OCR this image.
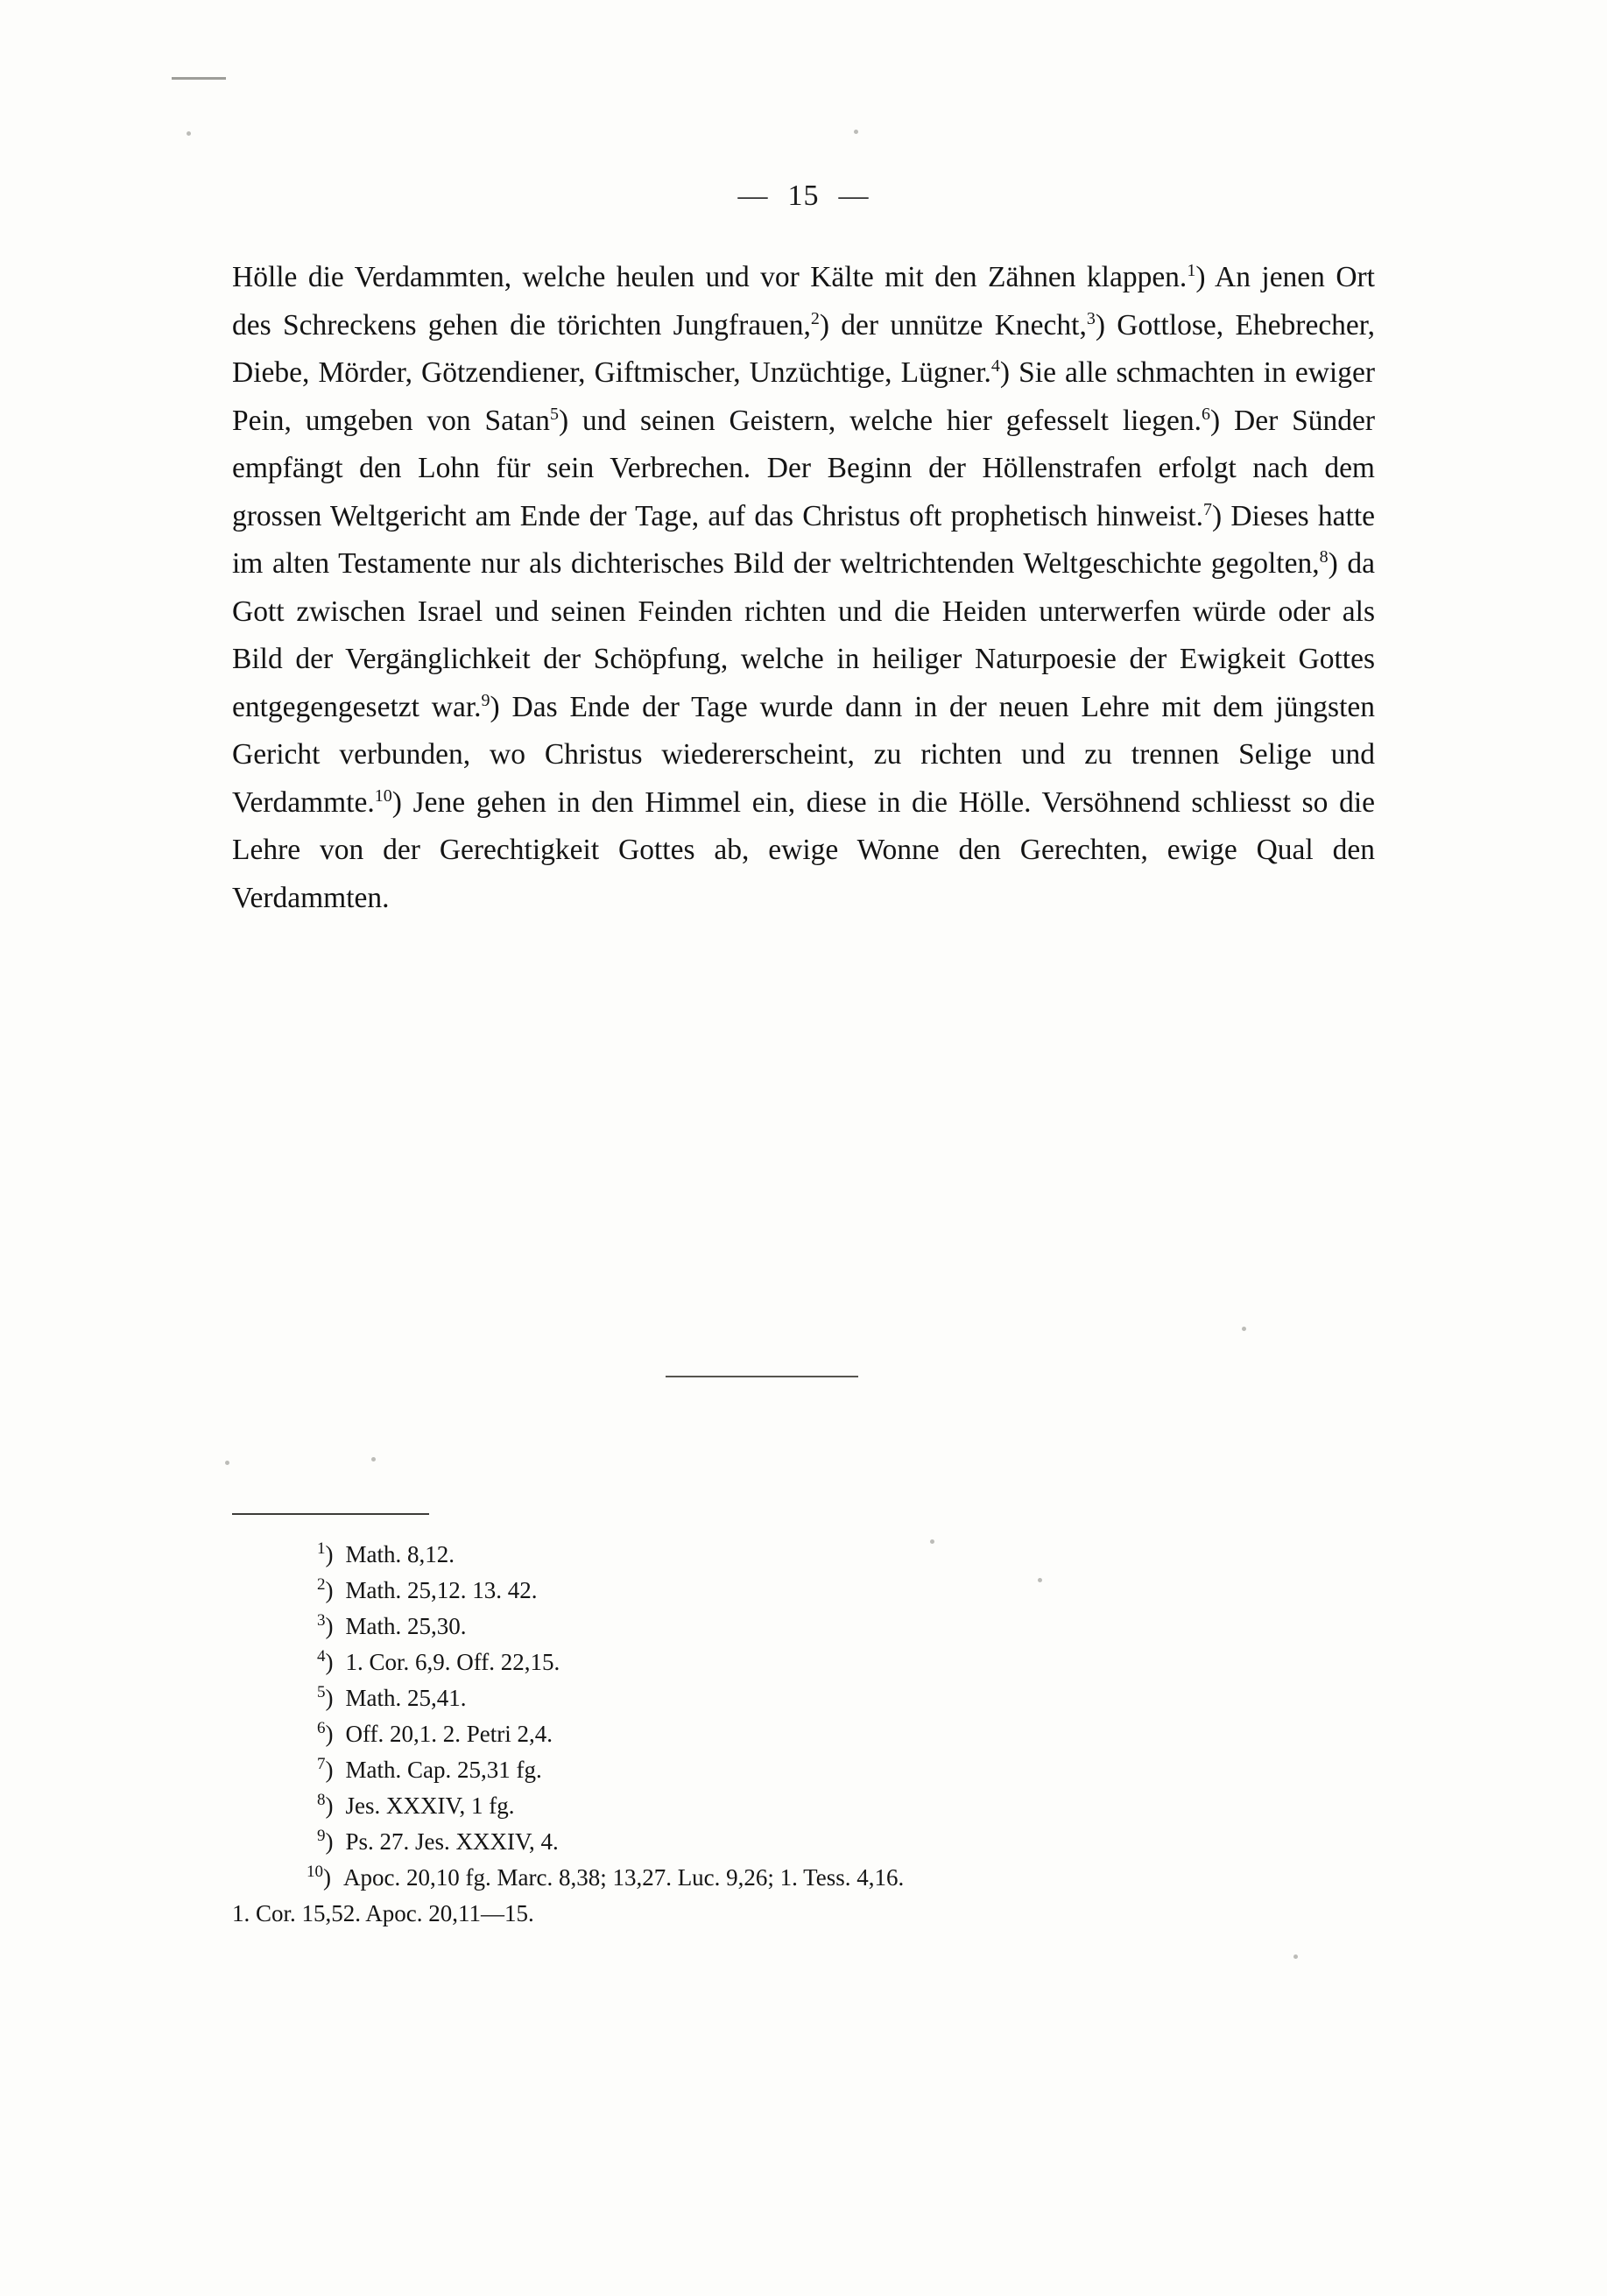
— 15 —

Hölle die Verdammten, welche heulen und vor Kälte mit den Zähnen klappen.$^1$) An jenen Ort des Schreckens gehen die törichten Jungfrauen,$^2$) der unnütze Knecht,$^3$) Gottlose, Ehebrecher, Diebe, Mörder, Götzendiener, Giftmischer, Unzüchtige, Lügner.$^4$) Sie alle schmachten in ewiger Pein, umgeben von Satan$^5$) und seinen Geistern, welche hier gefesselt liegen.$^6$) Der Sünder empfängt den Lohn für sein Verbrechen. Der Beginn der Höllenstrafen erfolgt nach dem grossen Weltgericht am Ende der Tage, auf das Christus oft prophetisch hinweist.$^7$) Dieses hatte im alten Testamente nur als dichterisches Bild der weltrichtenden Weltgeschichte gegolten,$^8$) da Gott zwischen Israel und seinen Feinden richten und die Heiden unterwerfen würde oder als Bild der Vergänglichkeit der Schöpfung, welche in heiliger Naturpoesie der Ewigkeit Gottes entgegengesetzt war.$^9$) Das Ende der Tage wurde dann in der neuen Lehre mit dem jüngsten Gericht verbunden, wo Christus wiedererscheint, zu richten und zu trennen Selige und Verdammte.$^{10}$) Jene gehen in den Himmel ein, diese in die Hölle. Versöhnend schliesst so die Lehre von der Gerechtigkeit Gottes ab, ewige Wonne den Gerechten, ewige Qual den Verdammten.

$^1$) Math. 8,12.
$^2$) Math. 25,12. 13. 42.
$^3$) Math. 25,30.
$^4$) 1. Cor. 6,9. Off. 22,15.
$^5$) Math. 25,41.
$^6$) Off. 20,1. 2. Petri 2,4.
$^7$) Math. Cap. 25,31 fg.
$^8$) Jes. XXXIV, 1 fg.
$^9$) Ps. 27. Jes. XXXIV, 4.
$^{10}$) Apoc. 20,10 fg. Marc. 8,38; 13,27. Luc. 9,26; 1. Tess. 4,16.
1. Cor. 15,52. Apoc. 20,11—15.
